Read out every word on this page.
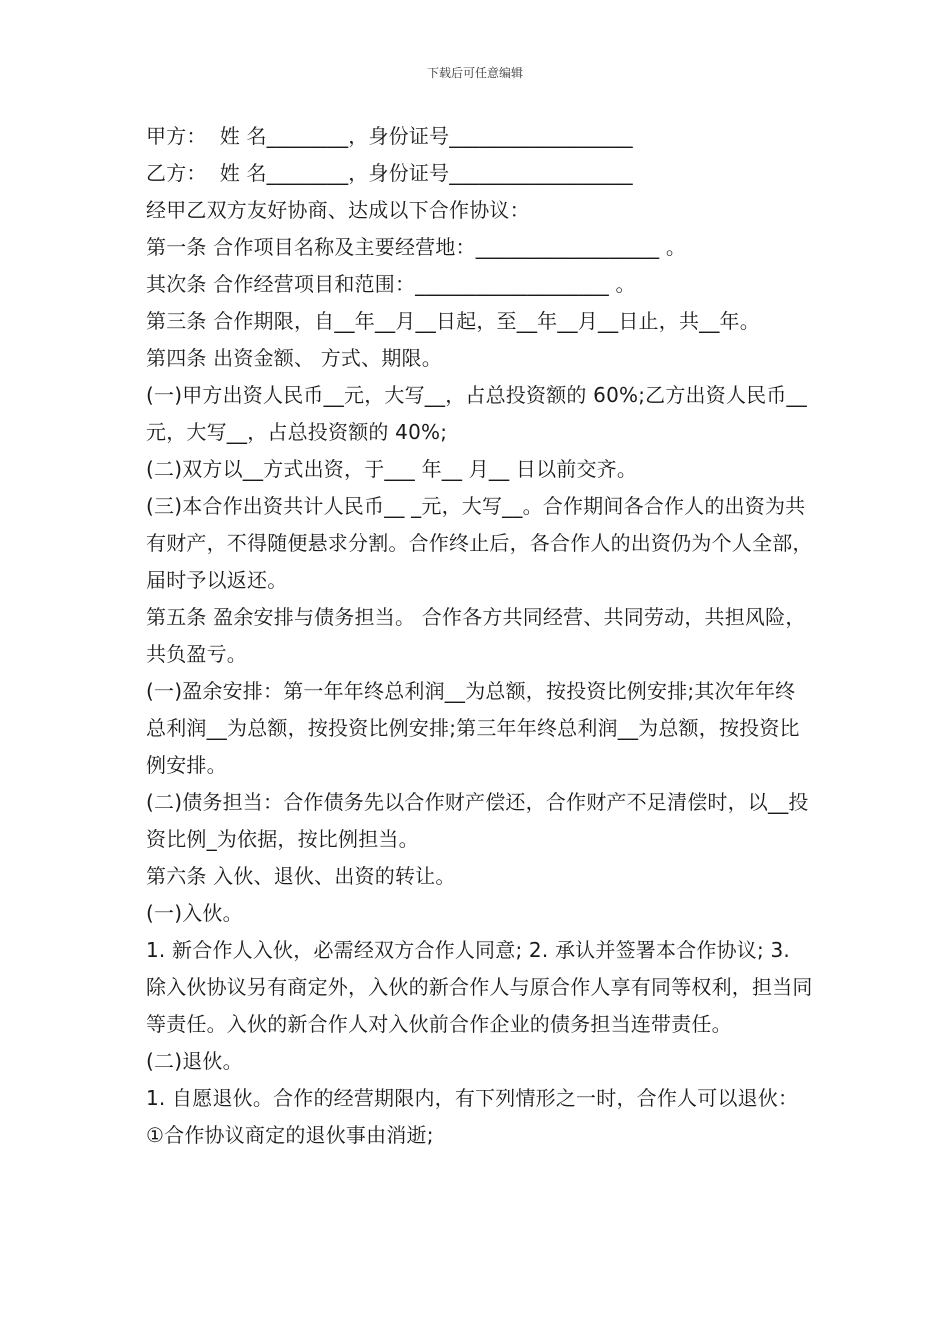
下载后可任意编辑

甲方：  姓 名________，身份证号__________________

乙方：  姓 名________，身份证号__________________

经甲乙双方友好协商、达成以下合作协议：

第一条 合作项目名称及主要经营地：__________________ 。

其次条 合作经营项目和范围：___________________ 。

第三条 合作期限，自__年__月__日起，至__年__月__日止，共__年。

第四条 出资金额、 方式、期限。

(一)甲方出资人民币__元，大写__，占总投资额的 60%;乙方出资人民币__元，大写__，占总投资额的 40%;

(二)双方以__方式出资，于___ 年__ 月__ 日以前交齐。

(三)本合作出资共计人民币__ _元，大写__。合作期间各合作人的出资为共有财产，不得随便悬求分割。合作终止后，各合作人的出资仍为个人全部，届时予以返还。

第五条 盈余安排与债务担当。 合作各方共同经营、共同劳动，共担风险，共负盈亏。

(一)盈余安排：第一年年终总利润__为总额，按投资比例安排;其次年年终总利润__为总额，按投资比例安排;第三年年终总利润__为总额，按投资比例安排。

(二)债务担当：合作债务先以合作财产偿还，合作财产不足清偿时，以__投资比例_为依据，按比例担当。

第六条 入伙、退伙、出资的转让。

(一)入伙。

1. 新合作人入伙，必需经双方合作人同意; 2. 承认并签署本合作协议; 3. 除入伙协议另有商定外，入伙的新合作人与原合作人享有同等权利，担当同等责任。入伙的新合作人对入伙前合作企业的债务担当连带责任。

(二)退伙。

1. 自愿退伙。合作的经营期限内，有下列情形之一时，合作人可以退伙： ①合作协议商定的退伙事由消逝;
